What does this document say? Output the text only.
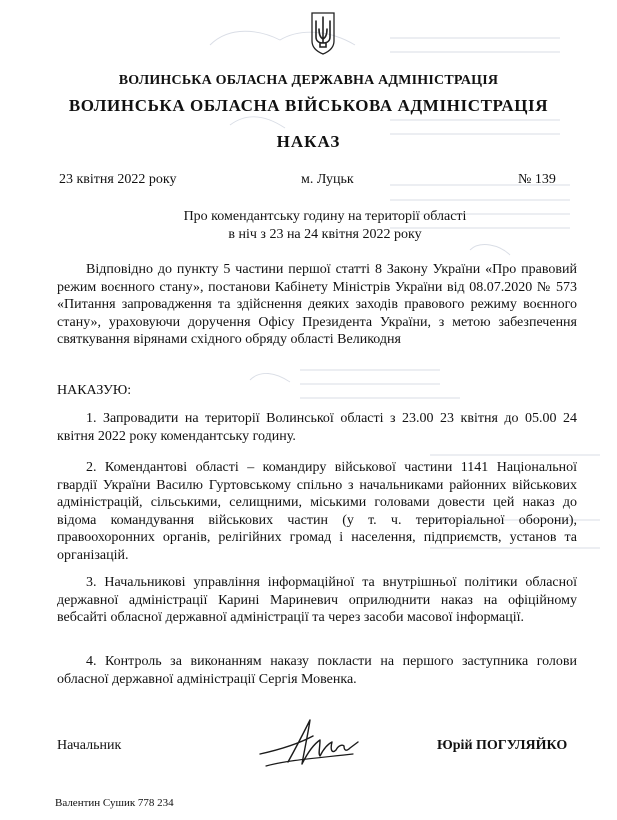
ВОЛИНСЬКА ОБЛАСНА ДЕРЖАВНА АДМІНІСТРАЦІЯ
ВОЛИНСЬКА ОБЛАСНА ВІЙСЬКОВА АДМІНІСТРАЦІЯ
НАКАЗ
23 квітня 2022 року	м. Луцьк	№ 139
Про комендантську годину на території області
в ніч з 23 на 24 квітня 2022 року
Відповідно до пункту 5 частини першої статті 8 Закону України «Про правовий режим воєнного стану», постанови Кабінету Міністрів України від 08.07.2020 № 573 «Питання запровадження та здійснення деяких заходів правового режиму воєнного стану», ураховуючи доручення Офісу Президента України, з метою забезпечення святкування вірянами східного обряду області Великодня
НАКАЗУЮ:
1. Запровадити на території Волинської області з 23.00 23 квітня до 05.00 24 квітня 2022 року комендантську годину.
2. Комендантові області – командиру військової частини 1141 Національної гвардії України Василю Гуртовському спільно з начальниками районних військових адміністрацій, сільськими, селищними, міськими головами довести цей наказ до відома командування військових частин (у т. ч. територіальної оборони), правоохоронних органів, релігійних громад і населення, підприємств, установ та організацій.
3. Начальникові управління інформаційної та внутрішньої політики обласної державної адміністрації Карині Мариневич оприлюднити наказ на офіційному вебсайті обласної державної адміністрації та через засоби масової інформації.
4. Контроль за виконанням наказу покласти на першого заступника голови обласної державної адміністрації Сергія Мовенка.
Начальник	Юрій ПОГУЛЯЙКО
Валентин Сушик 778 234
